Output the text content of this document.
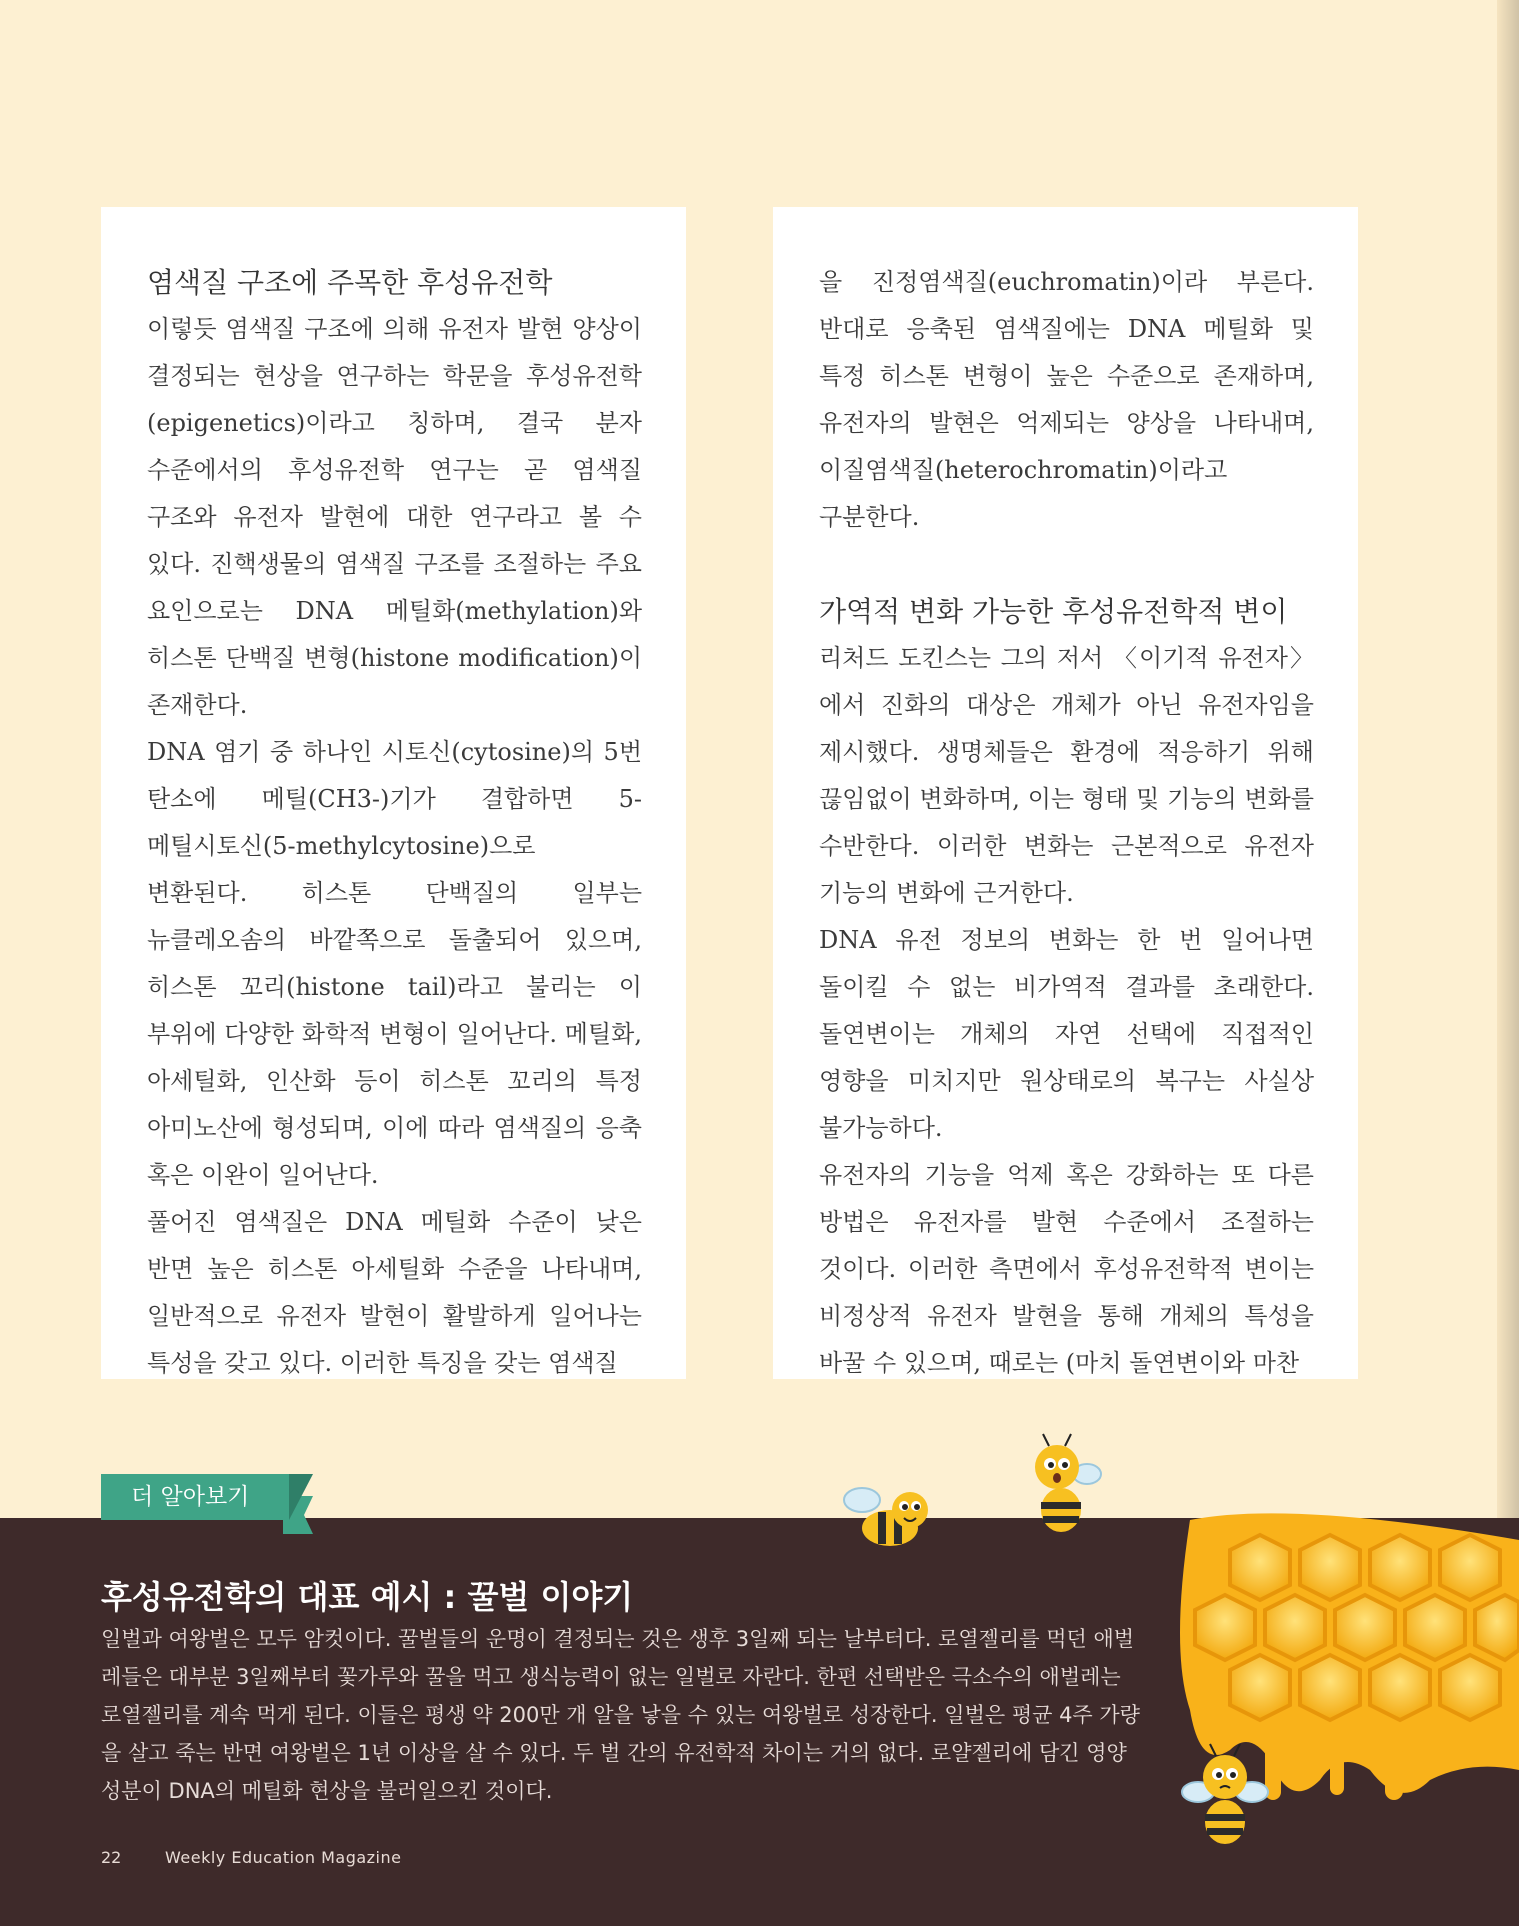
염색질 구조에 주목한 후성유전학

이렇듯 염색질 구조에 의해 유전자 발현 양상이 결정되는 현상을 연구하는 학문을 후성유전학(epigenetics)이라고 칭하며, 결국 분자 수준에서의 후성유전학 연구는 곧 염색질 구조와 유전자 발현에 대한 연구라고 볼 수 있다. 진핵생물의 염색질 구조를 조절하는 주요 요인으로는 DNA 메틸화(methylation)와 히스톤 단백질 변형(histone modification)이 존재한다.

DNA 염기 중 하나인 시토신(cytosine)의 5번 탄소에 메틸(CH3-)기가 결합하면 5-메틸시토신(5-methylcytosine)으로 변환된다. 히스톤 단백질의 일부는 뉴클레오솜의 바깥쪽으로 돌출되어 있으며, 히스톤 꼬리(histone tail)라고 불리는 이 부위에 다양한 화학적 변형이 일어난다. 메틸화, 아세틸화, 인산화 등이 히스톤 꼬리의 특정 아미노산에 형성되며, 이에 따라 염색질의 응축 혹은 이완이 일어난다.

풀어진 염색질은 DNA 메틸화 수준이 낮은 반면 높은 히스톤 아세틸화 수준을 나타내며, 일반적으로 유전자 발현이 활발하게 일어나는 특성을 갖고 있다. 이러한 특징을 갖는 염색질

을 진정염색질(euchromatin)이라 부른다. 반대로 응축된 염색질에는 DNA 메틸화 및 특정 히스톤 변형이 높은 수준으로 존재하며, 유전자의 발현은 억제되는 양상을 나타내며, 이질염색질(heterochromatin)이라고 구분한다.

가역적 변화 가능한 후성유전학적 변이

리처드 도킨스는 그의 저서 〈이기적 유전자〉에서 진화의 대상은 개체가 아닌 유전자임을 제시했다. 생명체들은 환경에 적응하기 위해 끊임없이 변화하며, 이는 형태 및 기능의 변화를 수반한다. 이러한 변화는 근본적으로 유전자 기능의 변화에 근거한다.

DNA 유전 정보의 변화는 한 번 일어나면 돌이킬 수 없는 비가역적 결과를 초래한다. 돌연변이는 개체의 자연 선택에 직접적인 영향을 미치지만 원상태로의 복구는 사실상 불가능하다.

유전자의 기능을 억제 혹은 강화하는 또 다른 방법은 유전자를 발현 수준에서 조절하는 것이다. 이러한 측면에서 후성유전학적 변이는 비정상적 유전자 발현을 통해 개체의 특성을 바꿀 수 있으며, 때로는 (마치 돌연변이와 마찬

더 알아보기
후성유전학의 대표 예시 : 꿀벌 이야기
일벌과 여왕벌은 모두 암컷이다. 꿀벌들의 운명이 결정되는 것은 생후 3일째 되는 날부터다. 로열젤리를 먹던 애벌레들은 대부분 3일째부터 꽃가루와 꿀을 먹고 생식능력이 없는 일벌로 자란다. 한편 선택받은 극소수의 애벌레는 로열젤리를 계속 먹게 된다. 이들은 평생 약 200만 개 알을 낳을 수 있는 여왕벌로 성장한다. 일벌은 평균 4주 가량을 살고 죽는 반면 여왕벌은 1년 이상을 살 수 있다. 두 벌 간의 유전학적 차이는 거의 없다. 로얄젤리에 담긴 영양 성분이 DNA의 메틸화 현상을 불러일으킨 것이다.
22	Weekly Education Magazine
